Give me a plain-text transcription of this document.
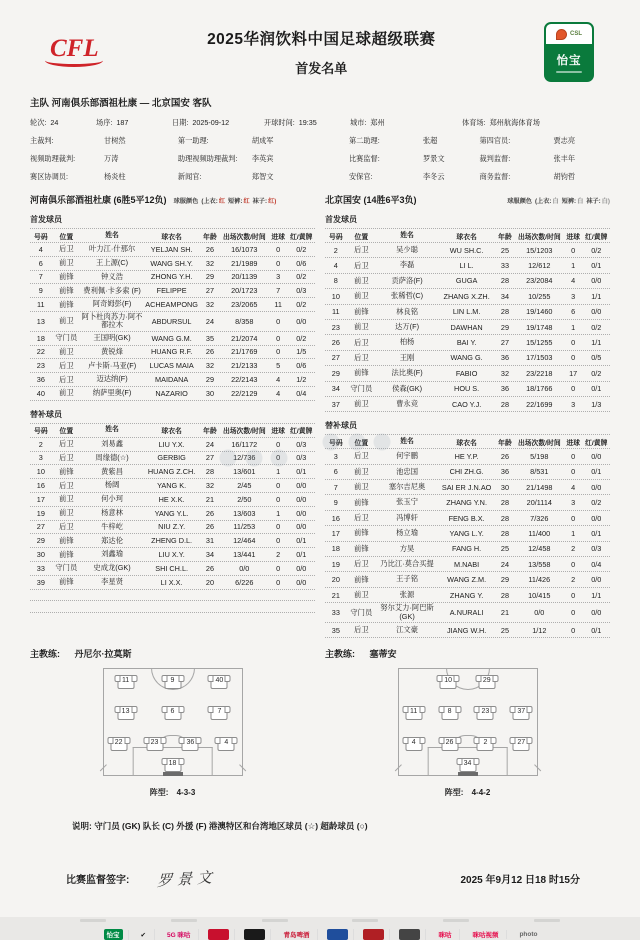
CFL	2025华润饮料中国足球超级联赛
首发名单
CSL
怡宝
主队 河南俱乐部酒祖杜康 — 北京国安 客队
轮次: 24	场序: 187	日期: 2025-09-12	开球时间: 19:35	城市: 郑州	体育场: 郑州航海体育场
主裁判:	甘树然	第一助理:	胡成军	第二助理:	张超	第四官员:	贾志亮
视频助理裁判:	万涛	助理视频助理裁判:	李英宾	比赛监督:	罗景文	裁判监督:	张丰年
赛区协调员:	杨炎柱	新闻官:	郑智文	安保官:	李冬云	商务监督:	胡钧哲
河南俱乐部酒祖杜康 (6胜5平12负) 球服颜色 (上衣: 红 短裤: 红 袜子: 红)
首发球员
号码	位置	姓名	球衣名	年龄 出场次数/时间 进球 红/黄牌
4	后卫	叶力江·什那尔	YELJAN SH.	26	16/1073	0	0/2
6	前卫	王上源(C)	WANG SH.Y.	32	21/1989	0	0/6
7	前锋	钟义浩	ZHONG Y.H.	29	20/1139	3	0/2
9	前锋	费利佩·卡多索 (F)	FELIPPE	27	20/1723	7	0/3
11	前锋	阿奇姆彭(F)	ACHEAMPONG	32	23/2065	11	0/2
13	前卫	阿卜杜肉苏力·阿不都拉木	ABDURSUL	24	8/358	0	0/0
18	守门员	王国明(GK)	WANG G.M.	35	21/2074	0	0/2
22	前卫	黄锐烽	HUANG R.F.	26	21/1769	0	1/5
23	后卫	卢卡斯·马亚(F)	LUCAS MAIA	32	21/2133	5	0/6
36	后卫	迈达纳(F)	MAIDANA	29	22/2143	4	1/2
40	前卫	纳萨里奥(F)	NAZARIO	30	22/2129	4	0/4
替补球员
号码	位置	姓名	球衣名	年龄 出场次数/时间 进球 红/黄牌
2	后卫	刘易鑫	LIU Y.X.	24	16/1172	0	0/3
3	后卫	周缘德(☆)	GERBIG	27	12/736	0	0/3
10	前锋	黄紫昌	HUANG Z.CH.	28	13/601	1	0/1
16	后卫	杨阔	YANG K.	32	2/45	0	0/0
17	前卫	何小珂	HE X.K.	21	2/50	0	0/0
19	前卫	杨意林	YANG Y.L.	26	13/603	1	0/0
27	后卫	牛梓屹	NIU Z.Y.	26	11/253	0	0/0
29	前锋	郑达伦	ZHENG D.L.	31	12/464	0	0/1
30	前锋	刘鑫瑜	LIU X.Y.	34	13/441	2	0/1
33	守门员	史成龙(GK)	SHI CH.L.	26	0/0	0	0/0
39	前锋	李星贤	LI X.X.	20	6/226	0	0/0
主教练: 丹尼尔·拉莫斯
11	9	40
13	6	7
22	23	36	4
18
阵型: 4-3-3
北京国安 (14胜6平3负)	球服颜色 (上衣: 白 短裤: 白 袜子: 白)
首发球员
号码	位置	姓名	球衣名	年龄 出场次数/时间 进球 红/黄牌
2	后卫	吴少聪	WU SH.C.	25	15/1203	0	0/2
4	后卫	李磊	LI L.	33	12/612	1	0/1
8	前卫	贡萨洛(F)	GUGA	28	23/2084	4	0/0
10	前卫	张稀哲(C)	ZHANG X.ZH.	34	10/255	3	1/1
11	前锋	林良铭	LIN L.M.	28	19/1460	6	0/0
23	前卫	达万(F)	DAWHAN	29	19/1748	1	0/2
26	后卫	柏杨	BAI Y.	27	15/1255	0	1/1
27	后卫	王刚	WANG G.	36	17/1503	0	0/5
29	前锋	法比奥(F)	FABIO	32	23/2218	17	0/2
34	守门员	侯森(GK)	HOU S.	36	18/1766	0	0/1
37	前卫	曹永竞	CAO Y.J.	28	22/1699	3	1/3
替补球员
号码	位置	姓名	球衣名	年龄 出场次数/时间 进球 红/黄牌
3	后卫	何宇鹏	HE Y.P.	26	5/198	0	0/0
6	前卫	池忠国	CHI ZH.G.	36	8/531	0	0/1
7	前卫	塞尔吉尼奥	SAI ER J.N.AO	30	21/1498	4	0/0
9	前锋	张玉宁	ZHANG Y.N.	28	20/1114	3	0/2
16	后卫	冯博轩	FENG B.X.	28	7/326	0	0/0
17	前锋	杨立瑜	YANG L.Y.	28	11/400	1	0/1
18	前锋	方昊	FANG H.	25	12/458	2	0/3
19	后卫	乃比江·莫合买提	M.NABI	24	13/558	0	0/4
20	前锋	王子铭	WANG Z.M.	29	11/426	2	0/0
21	前卫	张源	ZHANG Y.	28	10/415	0	1/1
33	守门员	努尔艾力·阿巴斯 (GK)	A.NURALI	21	0/0	0	0/0
35	后卫	江文豪	JIANG W.H.	25	1/12	0	0/1
主教练: 塞蒂安
10	29
11	8	23	37
4	26	2	27
34
阵型: 4-4-2
说明: 守门员 (GK) 队长 (C) 外援 (F) 港澳特区和台湾地区球员 (☆) 超龄球员 (○)
比赛监督签字: 罗景文	2025 年9月12 日18 时15分
怡宝	✔	5G 咪咕	青岛啤酒	咪咕	咪咕视频	photo
